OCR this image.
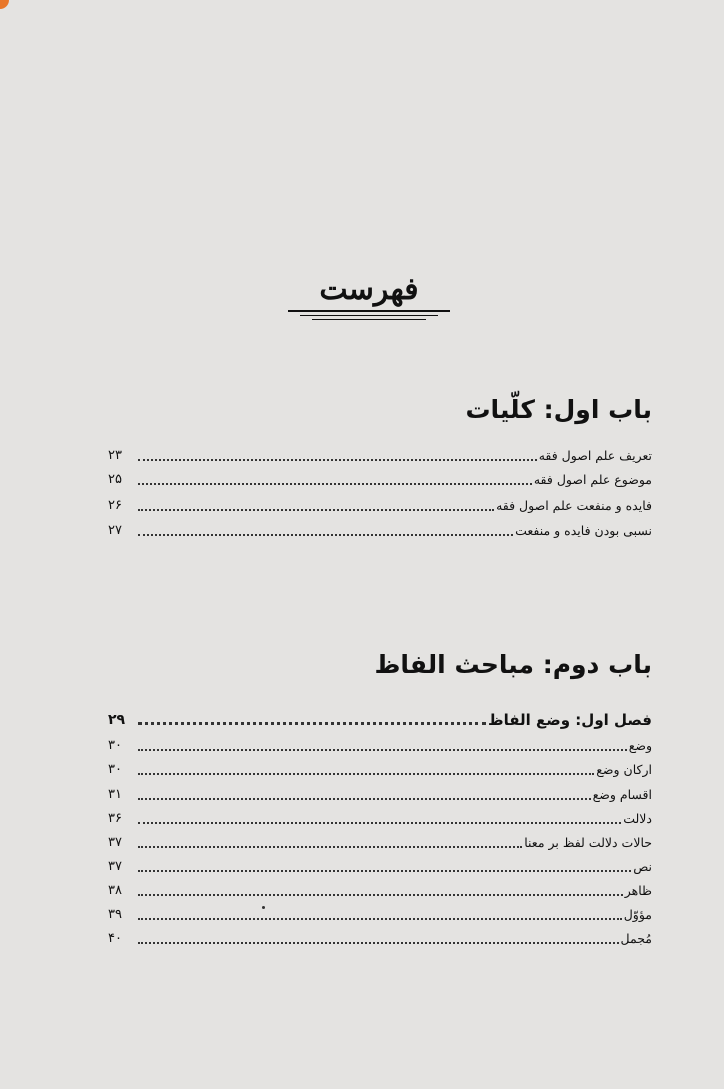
فهرست
باب اول: کلّیات
تعریف علم اصول فقه
۲۳
موضوع علم اصول فقه
۲۵
فایده و منفعت علم اصول فقه
۲۶
نسبی بودن فایده و منفعت
۲۷
باب دوم: مباحث الفاظ
فصل اول: وضع الفاظ
۲۹
وضع
۳۰
ارکان وضع
۳۰
اقسام وضع
۳۱
دلالت
۳۶
حالات دلالت لفظ بر معنا
۳۷
نص
۳۷
ظاهر
۳۸
مؤوّل
۳۹
مُجمل
۴۰
